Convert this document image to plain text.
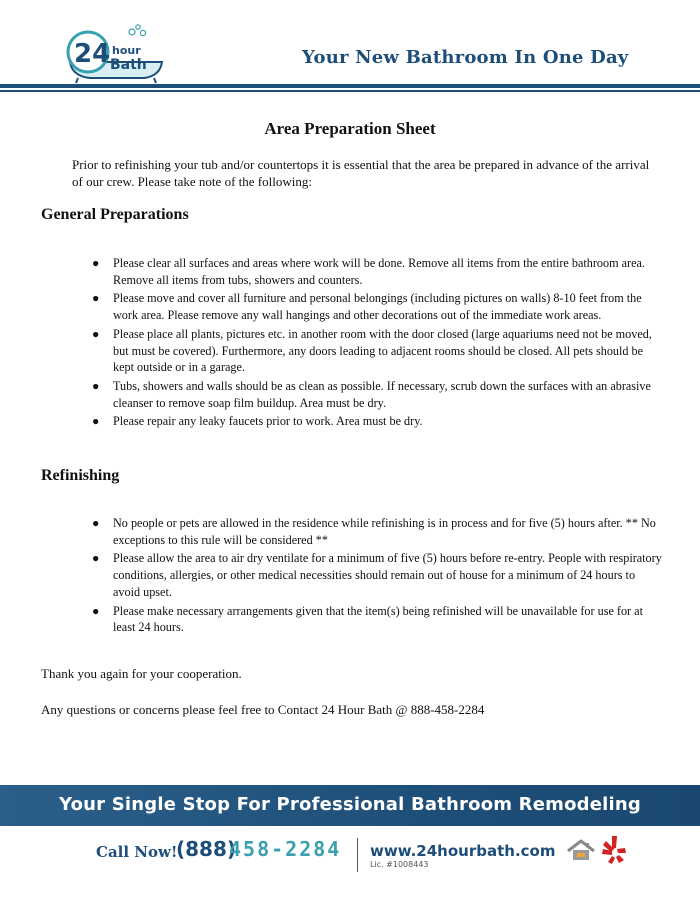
24 hour
Bath	Your New Bathroom In One Day
Area Preparation Sheet
Prior to refinishing your tub and/or countertops it is essential that the area be prepared in advance of the arrival of our crew. Please take note of the following:
General Preparations
● Please clear all surfaces and areas where work will be done. Remove all items from the entire bathroom area. Remove all items from tubs, showers and counters.
● Please move and cover all furniture and personal belongings (including pictures on walls) 8-10 feet from the work area. Please remove any wall hangings and other decorations out of the immediate work areas.
● Please place all plants, pictures etc. in another room with the door closed (large aquariums need not be moved, but must be covered). Furthermore, any doors leading to adjacent rooms should be closed. All pets should be kept outside or in a garage.
● Tubs, showers and walls should be as clean as possible. If necessary, scrub down the surfaces with an abrasive cleanser to remove soap film buildup. Area must be dry.
● Please repair any leaky faucets prior to work. Area must be dry.
Refinishing
● No people or pets are allowed in the residence while refinishing is in process and for five (5) hours after. ** No exceptions to this rule will be considered **
● Please allow the area to air dry ventilate for a minimum of five (5) hours before re-entry. People with respiratory conditions, allergies, or other medical necessities should remain out of house for a minimum of 24 hours to avoid upset.
● Please make necessary arrangements given that the item(s) being refinished will be unavailable for use for at least 24 hours.
Thank you again for your cooperation.
Any questions or concerns please feel free to Contact 24 Hour Bath @ 888-458-2284
Your Single Stop For Professional Bathroom Remodeling
Call Now!
(888)
458-2284 www.24hourbath.com
Lic. #1008443
